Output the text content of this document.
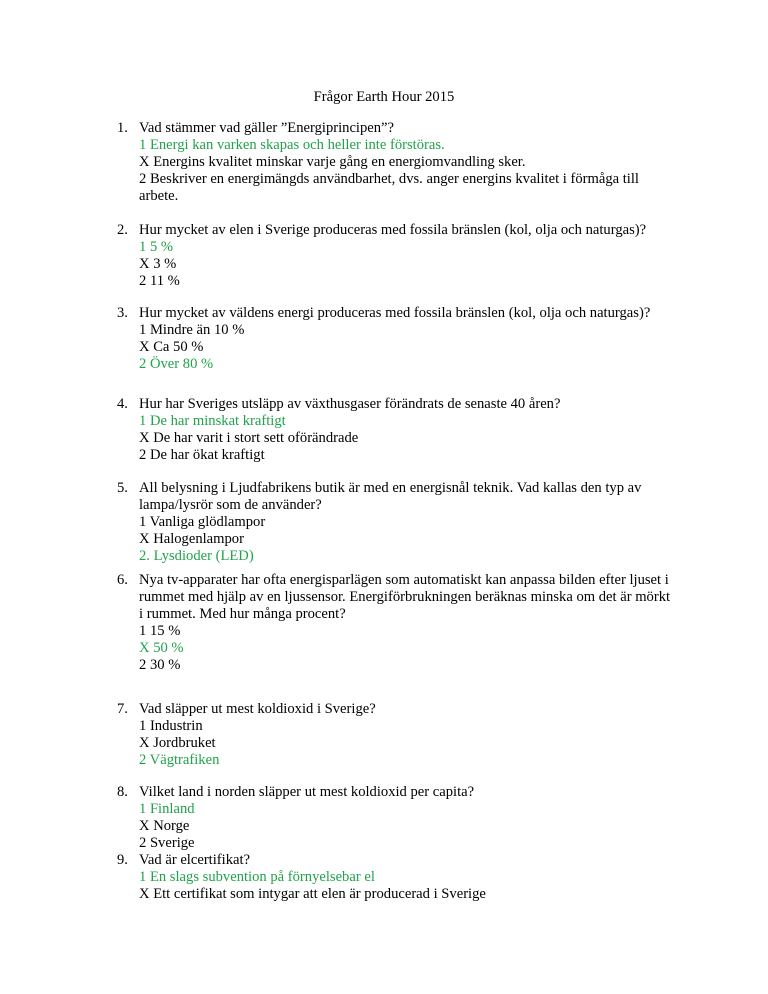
Frågor Earth Hour 2015
1. Vad stämmer vad gäller ”Energiprincipen”?
1 Energi kan varken skapas och heller inte förstöras.
X Energins kvalitet minskar varje gång en energiomvandling sker.
2 Beskriver en energimängds användbarhet, dvs. anger energins kvalitet i förmåga till arbete.
2. Hur mycket av elen i Sverige produceras med fossila bränslen (kol, olja och naturgas)?
1 5 %
X 3 %
2 11 %
3. Hur mycket av väldens energi produceras med fossila bränslen (kol, olja och naturgas)?
1 Mindre än 10 %
X Ca 50 %
2 Över 80 %
4. Hur har Sveriges utsläpp av växthusgaser förändrats de senaste 40 åren?
1 De har minskat kraftigt
X De har varit i stort sett oförändrade
2 De har ökat kraftigt
5. All belysning i Ljudfabrikens butik är med en energisnål teknik. Vad kallas den typ av lampa/lysrör som de använder?
1 Vanliga glödlampor
X Halogenlampor
2. Lysdioder (LED)
6. Nya tv-apparater har ofta energisparlägen som automatiskt kan anpassa bilden efter ljuset i rummet med hjälp av en ljussensor. Energiförbrukningen beräknas minska om det är mörkt i rummet. Med hur många procent?
1 15 %
X 50 %
2 30 %
7. Vad släpper ut mest koldioxid i Sverige?
1 Industrin
X Jordbruket
2 Vägtrafiken
8. Vilket land i norden släpper ut mest koldioxid per capita?
1 Finland
X Norge
2 Sverige
9. Vad är elcertifikat?
1 En slags subvention på förnyelsebar el
X Ett certifikat som intygar att elen är producerad i Sverige
